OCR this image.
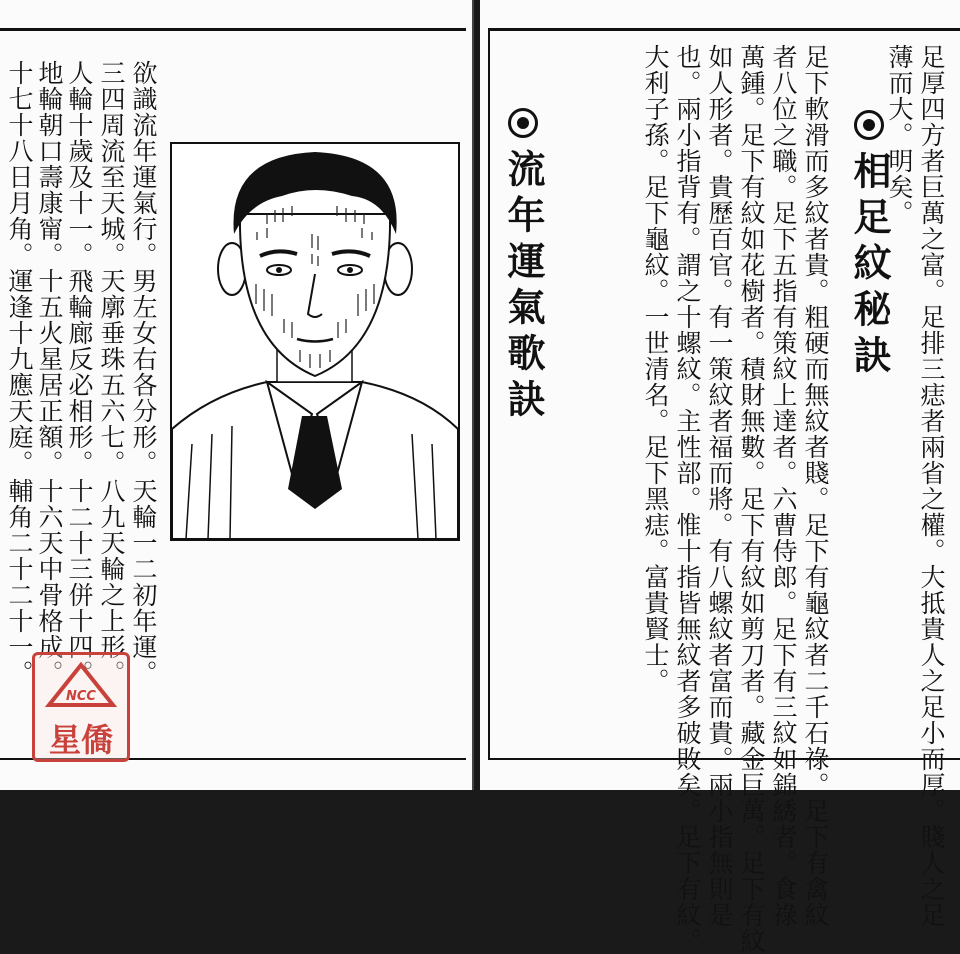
欲識流年運氣行。
三四周流至天城。
人輪十歲及十一。
地輪朝口壽康甯。
十七十八日月角。
男左女右各分形。
天廓垂珠五六七。
飛輪廊反必相形。
十五火星居正額。
運逢十九應天庭。
天輪一二初年運。
八九天輪之上形。
十二十三併十四。
十六天中骨格成。
輔角二十二十一。
NCC
星僑	足厚四方者巨萬之富。足排三痣者兩省之權。大抵貴人之足小而厚。賤人之足
薄而大。明矣。
相足紋秘訣
足下軟滑而多紋者貴。粗硬而無紋者賤。足下有龜紋者二千石祿。足下有禽紋
者八位之職。足下五指有策紋上達者。六曹侍郎。足下有三紋如錦綉者。食祿
萬鍾。足下有紋如花樹者。積財無數。足下有紋如剪刀者。藏金巨萬。足下有紋
如人形者。貴歷百官。有一策紋者福而將。有八螺紋者富而貴。兩小指無則是
也。兩小指背有。謂之十螺紋。主性部。惟十指皆無紋者多破敗矣。足下有紋。
大利子孫。足下龜紋。一世清名。足下黑痣。富貴賢士。
流年運氣歌訣
